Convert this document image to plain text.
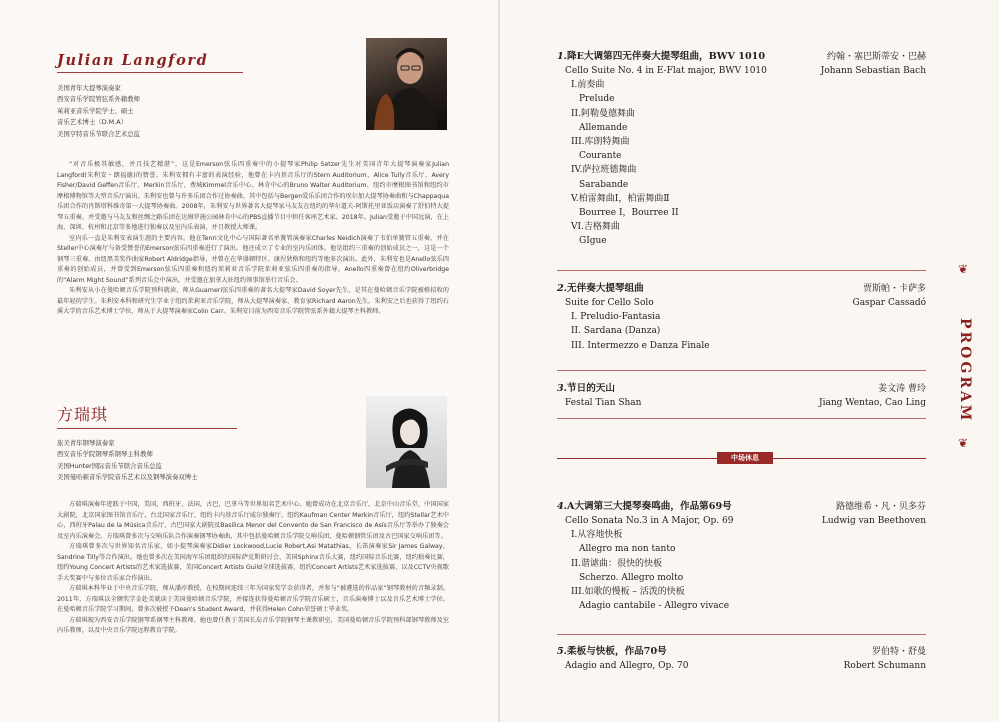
Julian Langford
美国青年大提琴演奏家
西安音乐学院管弦系外籍教师
茱莉亚音乐学院学士、硕士
音乐艺术博士（D.M.A）
美国亨特音乐节联合艺术总监

“对音乐极其敏感，并且技艺精湛”，这是Emerson弦乐四重奏中的小提琴家Philip Setzer先生对美国青年大提琴演奏家Julian Langford(朱利安・朗福德)的赞誉。朱利安拥有丰富的表演经验，他曾在卡内基音乐厅的Stern Auditorium、Alice Tully音乐厅、Avery Fisher/David Geffen音乐厅、Merkin音乐厅、费城Kimmel音乐中心、林肯中心的Bruno Walter Auditorium、纽约市摩根图书馆和纽约市摩根博物馆等大型音乐厅演出。朱利安也曾与许多乐团合作过协奏曲，其中包括与Bergen爱乐乐团合作的埃尔加大提琴协奏曲和与Chappaqua乐团合作的肖斯塔科维奇第一大提琴协奏曲。2008年，朱利安与世界著名大提琴家马友友在纽约的华尔道夫-阿斯托里亚饭店演奏了舒伯特大提琴五重奏，并受邀与马友友和丝绸之路乐团在达姆罗施公园林肯中心的PBS直播节目中担任客座艺术家。2018年，Julian受邀于中国远演，在上海、深圳、杭州和北京等多地进行独奏以及室内乐表演，并且教授大师课。

室内乐一直是朱利安表演生涯的主要内容。他在Tenri文化中心与国际著名单簧管演奏家Charles Neidich演奏了韦伯单簧管五重奏，并在Steller中心演奏厅与备受赞誉的Emerson弦乐四重奏进行了演出。他还成立了专业的室内乐团体。他是组约三重奏的创始成员之一，这是一个钢琴三重奏。由纽黑美奖作曲家Robert Aldridge指导，并曾在在华盛顿特区、康涅狄格和纽约等地多次演出。此外，朱利安也是Anello弦乐四重奏的创始成员，并曾受到Emerson弦乐四重奏和纽约茱莉亚音乐学院茱莉亚弦乐四重奏的指导。Anello四重奏曾在纽约Oliverbridge的“Alarm Might Sound”系列音乐会中演出，并受邀在加拿大驻纽约领事馆举行音乐会。

朱利安从小在曼哈顿音乐学院预科就读，师从Guarneri弦乐四重奏的著名大提琴家David Soyer先生，是其在曼哈顿音乐学院被格招收的最年轻的学生。朱利安本科和研究生学业于纽约茱莉亚音乐学院，师从大提琴演奏家、教育家Richard Aaron先生。朱利安之后也获得了纽约石溪大学的音乐艺术博士学位，师从于大提琴演奏家Colin Carr。朱利安目前为西安音乐学院管弦系外籍大提琴主科教师。

方瑞琪
旅美青年钢琴演奏家
西安音乐学院钢琴系钢琴主科教师
美国Hunter国际音乐节联合音乐总监
美国曼哈顿音乐学院音乐艺术以及钢琴演奏双博士

方瑞琪演奏年迹跃于中国，美国，西班牙，法国，古巴，巴拿马等世界知名艺术中心。她曾成功在北京音乐厅，北京中山音乐堂，中国国家大剧院，北京国家图书馆音乐厅，台北国家音乐厅，纽约卡内基音乐厅威尔独奏厅，纽约Kaufman Center Merkin音乐厅，纽约Stellar艺术中心，西班牙Palau de la Música音乐厅，古巴国家大剧院及Basilica Menor del Convento de San Francisco de Asís音乐厅等举办了独奏会及室内乐演奏会。方瑞琪曾多次与交响乐队合作演奏钢琴协奏曲，其中包括曼哈顿音乐学院交响乐团，曼哈顿钢管乐团及古巴国家交响乐团等。

方瑞琪曾多次与世界知名音乐家，如小提琴演奏家Didier Lockwood,Lucie Robert,Asi Matathias，长笛演奏家Sir James Galway，Sandrine Tilly等合作演出。她也曾多次在美国海军乐团组织的国际萨克斯研讨会、美国Sphinx音乐大赛，纽约国际音乐比赛，纽约独奏比赛，纽约Young Concert Artists的艺术家选拔赛，美国Concert Artists Guild全球选拔赛，纽约Concert Artists艺术家选拔赛，以及CCTV央视歌手大奖赛中与多位音乐家合作演出。

方瑞琪本科毕业于中央音乐学院，师从潘淳教授，在校期间连续三年为国家奖学金获得者，并参与“被遴选的作品家”钢琴教材的音频录制。2011年，方瑞琪以全额奖学金赴美就读于美国曼哈顿音乐学院，并接连获得曼哈顿音乐学院音乐硕士，音乐演奏博士以及音乐艺术博士学位。在曼哈顿音乐学院学习期间，曾多次被授予Dean's Student Award，并获得Helen Cohn荣誉硕士毕业奖。

方瑞琪现为西安音乐学院钢琴系钢琴主科教师。她也曾任教于美国长岛音乐学院钢琴主课教研室，美国曼哈顿音乐学院预科部钢琴教师及室内乐教师，以及中央音乐学院远程教育学院。

1.降E大调第四无伴奏大提琴组曲，BWV 1010
Cello Suite No. 4 in E-Flat major, BWV 1010
I.前奏曲
Prelude
II.阿勒曼德舞曲
Allemande
III.库朗特舞曲
Courante
IV.萨拉班德舞曲
Sarabande
V.柏雷舞曲Ⅰ，柏雷舞曲Ⅱ
Bourree I，Bourree II
VI.吉格舞曲
GIgue
约翰・塞巴斯蒂安・巴赫
Johann Sebastian Bach
2.无伴奏大提琴组曲
Suite for Cello Solo
I. Preludio-Fantasia
II. Sardana (Danza)
III. Intermezzo e Danza Finale
贾斯帕・卡萨多
Gaspar Cassadó
3.节日的天山
Festal Tian Shan
姜文涛 曹玲
Jiang Wentao, Cao Ling
中场休息
4.A大调第三大提琴奏鸣曲，作品第69号
Cello Sonata No.3 in A Major, Op. 69
I.从容地快板
Allegro ma non tanto
II.谐谑曲：很快的快板
Scherzo. Allegro molto
III.如歌的慢板 – 活泼的快板
Adagio cantabile - Allegro vivace
路德维希・凡・贝多芬
Ludwig van Beethoven
5.柔板与快板，作品70号
Adagio and Allegro, Op. 70
罗伯特・舒曼
Robert Schumann
❦
PROGRAM
❦
